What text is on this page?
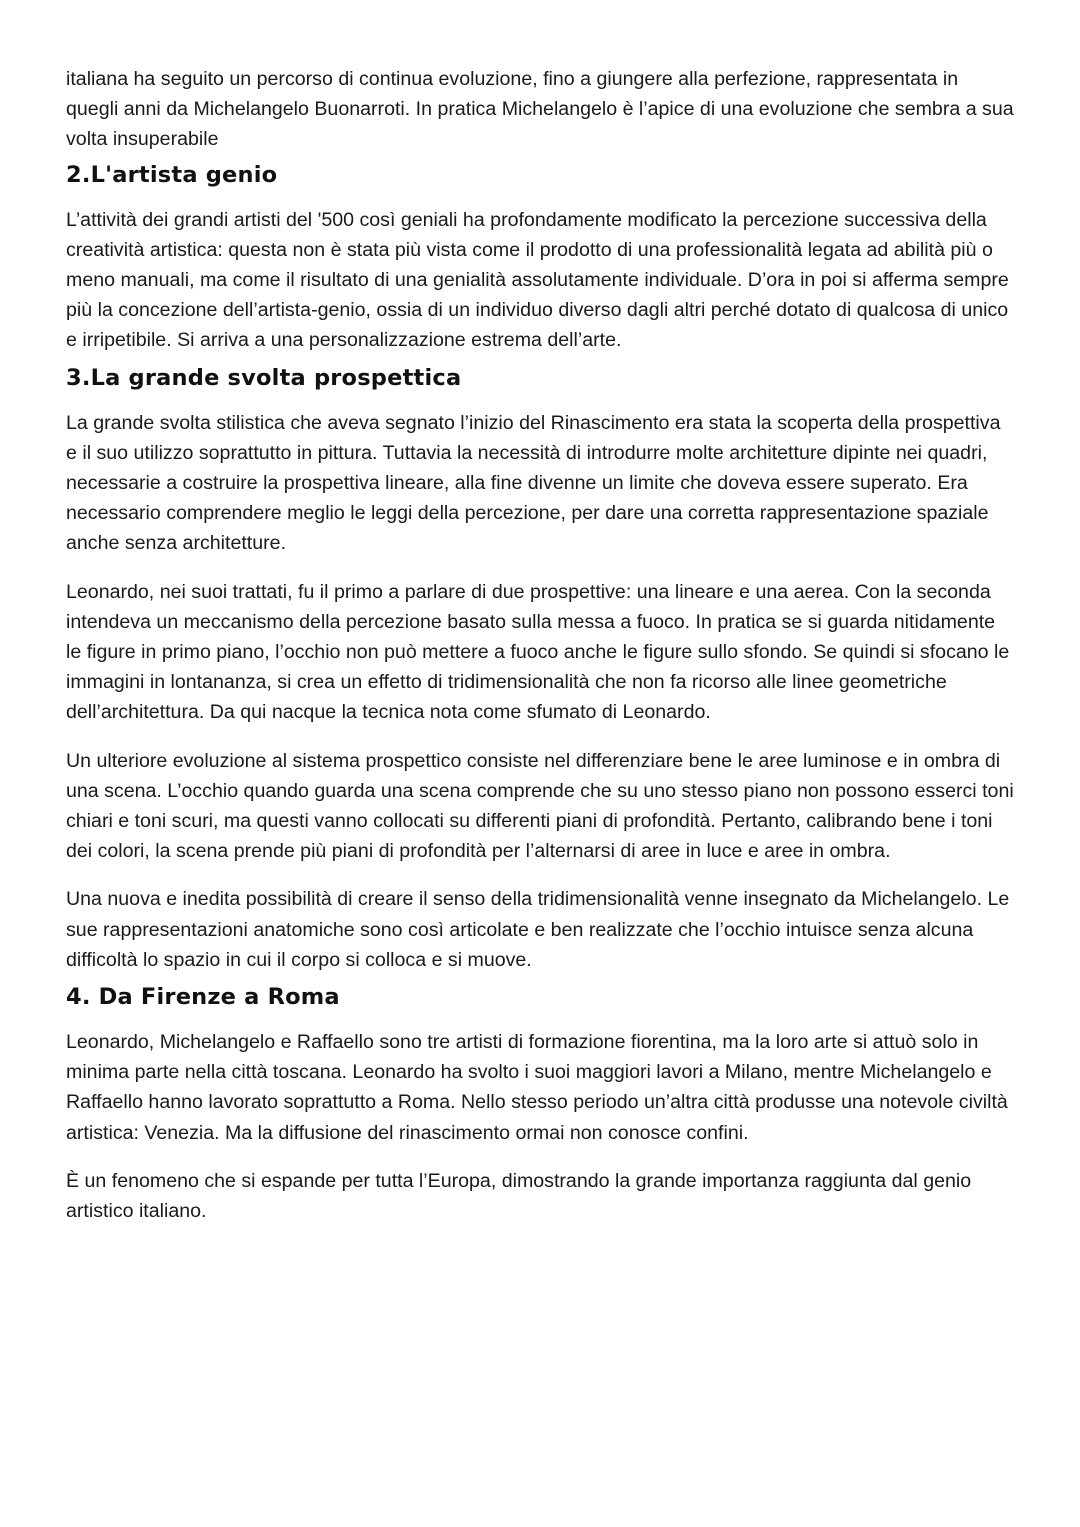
italiana ha seguito un percorso di continua evoluzione, fino a giungere alla perfezione, rappresentata in quegli anni da Michelangelo Buonarroti. In pratica Michelangelo è l’apice di una evoluzione che sembra a sua volta insuperabile

2.L'artista genio

L’attività dei grandi artisti del '500 così geniali ha profondamente modificato la percezione successiva della creatività artistica: questa non è stata più vista come il prodotto di una professionalità legata ad abilità più o meno manuali, ma come il risultato di una genialità assolutamente individuale. D’ora in poi si afferma sempre più la concezione dell’artista-genio, ossia di un individuo diverso dagli altri perché dotato di qualcosa di unico e irripetibile. Si arriva a una personalizzazione estrema dell’arte.

3.La grande svolta prospettica

La grande svolta stilistica che aveva segnato l’inizio del Rinascimento era stata la scoperta della prospettiva e il suo utilizzo soprattutto in pittura. Tuttavia la necessità di introdurre molte architetture dipinte nei quadri, necessarie a costruire la prospettiva lineare, alla fine divenne un limite che doveva essere superato. Era necessario comprendere meglio le leggi della percezione, per dare una corretta rappresentazione spaziale anche senza architetture.

Leonardo, nei suoi trattati, fu il primo a parlare di due prospettive: una lineare e una aerea. Con la seconda intendeva un meccanismo della percezione basato sulla messa a fuoco. In pratica se si guarda nitidamente le figure in primo piano, l’occhio non può mettere a fuoco anche le figure sullo sfondo. Se quindi si sfocano le immagini in lontananza, si crea un effetto di tridimensionalità che non fa ricorso alle linee geometriche dell’architettura. Da qui nacque la tecnica nota come sfumato di Leonardo.

Un ulteriore evoluzione al sistema prospettico consiste nel differenziare bene le aree luminose e in ombra di una scena. L’occhio quando guarda una scena comprende che su uno stesso piano non possono esserci toni chiari e toni scuri, ma questi vanno collocati su differenti piani di profondità. Pertanto, calibrando bene i toni dei colori, la scena prende più piani di profondità per l’alternarsi di aree in luce e aree in ombra.

Una nuova e inedita possibilità di creare il senso della tridimensionalità venne insegnato da Michelangelo. Le sue rappresentazioni anatomiche sono così articolate e ben realizzate che l’occhio intuisce senza alcuna difficoltà lo spazio in cui il corpo si colloca e si muove.

4. Da Firenze a Roma

Leonardo, Michelangelo e Raffaello sono tre artisti di formazione fiorentina, ma la loro arte si attuò solo in minima parte nella città toscana. Leonardo ha svolto i suoi maggiori lavori a Milano, mentre Michelangelo e Raffaello hanno lavorato soprattutto a Roma. Nello stesso periodo un’altra città produsse una notevole civiltà artistica: Venezia. Ma la diffusione del rinascimento ormai non conosce confini.

È un fenomeno che si espande per tutta l’Europa, dimostrando la grande importanza raggiunta dal genio artistico italiano.
